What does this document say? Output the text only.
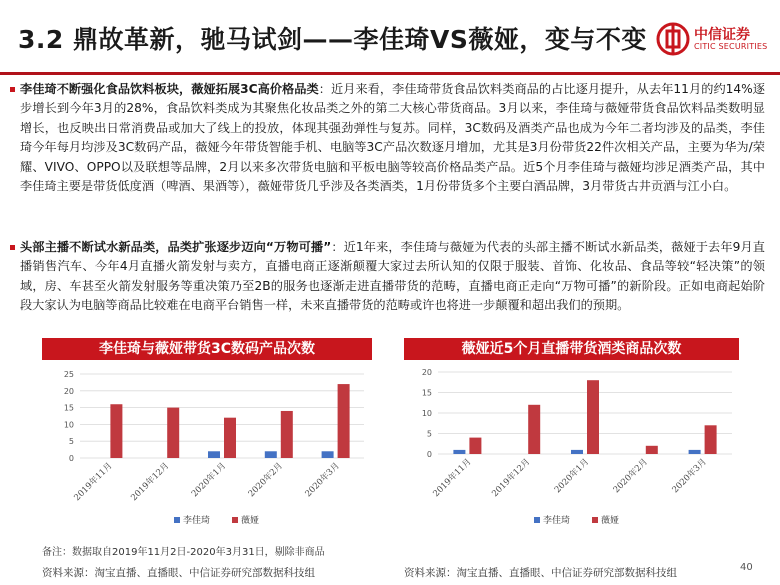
3.2 鼎故革新，驰马试剑——李佳琦VS薇娅，变与不变	中信证券
CITIC SECURITIES
李佳琦不断强化食品饮料板块，薇娅拓展3C高价格品类：近月来看，李佳琦带货食品饮料类商品的占比逐月提升，从去年11月的约14%逐步增长到今年3月的28%，食品饮料类成为其聚焦化妆品类之外的第二大核心带货商品。3月以来，李佳琦与薇娅带货食品饮料品类数明显增长，也反映出日常消费品或加大了线上的投放，体现其强劲弹性与复苏。同样，3C数码及酒类产品也成为今年二者均涉及的品类，李佳琦今年每月均涉及3C数码产品，薇娅今年带货智能手机、电脑等3C产品次数逐月增加，尤其是3月份带货22件次相关产品，主要为华为/荣耀、VIVO、OPPO以及联想等品牌，2月以来多次带货电脑和平板电脑等较高价格品类产品。近5个月李佳琦与薇娅均涉足酒类产品，其中李佳琦主要是带货低度酒（啤酒、果酒等），薇娅带货几乎涉及各类酒类，1月份带货多个主要白酒品牌，3月带货古井贡酒与江小白。
头部主播不断试水新品类，品类扩张逐步迈向“万物可播”：近1年来，李佳琦与薇娅为代表的头部主播不断试水新品类，薇娅于去年9月直播销售汽车、今年4月直播火箭发射与卖方，直播电商正逐渐颠覆大家过去所认知的仅限于服装、首饰、化妆品、食品等较“轻决策”的领域，房、车甚至火箭发射服务等重决策乃至2B的服务也逐渐走进直播带货的范畴，直播电商正走向“万物可播”的新阶段。正如电商起始阶段大家认为电脑等商品比较难在电商平台销售一样，未来直播带货的范畴或许也将进一步颠覆和超出我们的预期。
李佳琦与薇娅带货3C数码产品次数
0
5
10
15
20
25
2019年11月 2019年12月 2020年1月 2020年2月 2020年3月
李佳琦	薇娅
薇娅近5个月直播带货酒类商品次数
0
5
10
15
20
2019年11月 2019年12月 2020年1月 2020年2月 2020年3月
李佳琦	薇娅
备注：数据取自2019年11月2日-2020年3月31日，剔除非商品
资料来源：淘宝直播、直播眼、中信证券研究部数据科技组	资料来源：淘宝直播、直播眼、中信证券研究部数据科技组	40
